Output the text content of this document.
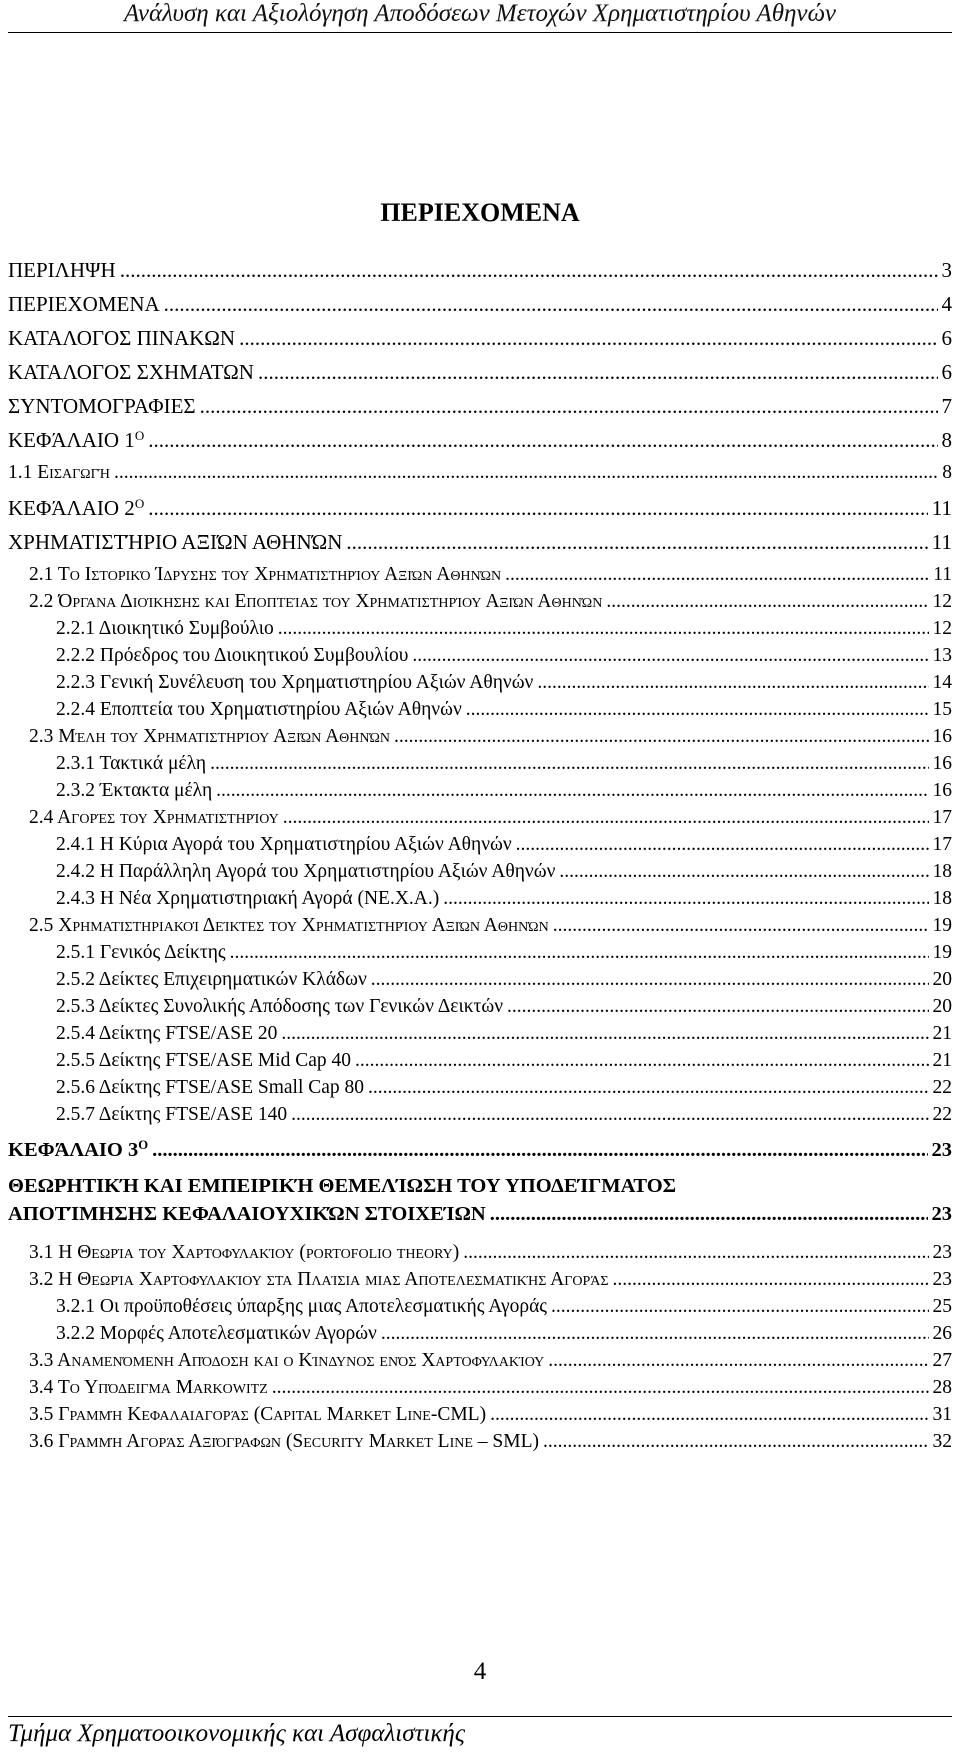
Ανάλυση και Αξιολόγηση Αποδόσεων Μετοχών Χρηματιστηρίου Αθηνών
ΠΕΡΙΕΧΟΜΕΝΑ
ΠΕΡΙΛΗΨΗ .....	3
ΠΕΡΙΕΧΟΜΕΝΑ .....	4
ΚΑΤΑΛΟΓΟΣ ΠΙΝΑΚΩΝ .....	6
ΚΑΤΑΛΟΓΟΣ ΣΧΗΜΑΤΩΝ .....	6
ΣΥΝΤΟΜΟΓΡΑΦΙΕΣ .....	7
ΚΕΦΆΛΑΙΟ $1^O$ .....	8
1.1 Εισαγωγή .....	8
ΚΕΦΆΛΑΙΟ $2^O$ .....	11
ΧΡΗΜΑΤΙΣΤΉΡΙΟ ΑΞΙΏΝ ΑΘΗΝΏΝ .....	11
2.1 Το Ιστορικό Ίδρυσης του Χρηματιστηρίου Αξιών Αθηνών .....	11
2.2 Όργανα Διοίκησης και Εποπτείας του Χρηματιστηρίου Αξιών Αθηνών .....	12
2.2.1 Διοικητικό Συμβούλιο .....	12
2.2.2 Πρόεδρος του Διοικητικού Συμβουλίου .....	13
2.2.3 Γενική Συνέλευση του Χρηματιστηρίου Αξιών Αθηνών .....	14
2.2.4 Εποπτεία του Χρηματιστηρίου Αξιών Αθηνών .....	15
2.3 Μέλη του Χρηματιστηρίου Αξιών Αθηνών .....	16
2.3.1 Τακτικά μέλη .....	16
2.3.2 Έκτακτα μέλη .....	16
2.4 Αγορές του Χρηματιστηρίου .....	17
2.4.1 Η Κύρια Αγορά του Χρηματιστηρίου Αξιών Αθηνών .....	17
2.4.2 Η Παράλληλη Αγορά του Χρηματιστηρίου Αξιών Αθηνών .....	18
2.4.3 Η Νέα Χρηματιστηριακή Αγορά (ΝΕ.Χ.Α.) .....	18
2.5 Χρηματιστηριακοί Δείκτες του Χρηματιστηρίου Αξιών Αθηνών .....	19
2.5.1 Γενικός Δείκτης .....	19
2.5.2 Δείκτες Επιχειρηματικών Κλάδων .....	20
2.5.3 Δείκτες Συνολικής Απόδοσης των Γενικών Δεικτών .....	20
2.5.4 Δείκτης FTSE/ASE 20 .....	21
2.5.5 Δείκτης FTSE/ASE Mid Cap 40 .....	21
2.5.6 Δείκτης FTSE/ASE Small Cap 80 .....	22
2.5.7 Δείκτης FTSE/ASE 140 .....	22
ΚΕΦΆΛΑΙΟ $3^O$ .....	23
ΘΕΩΡΗΤΙΚΉ ΚΑΙ ΕΜΠΕΙΡΙΚΉ ΘΕΜΕΛΊΩΣΗ ΤΟΥ ΥΠΟΔΕΊΓΜΑΤΟΣ
ΑΠΟΤΊΜΗΣΗΣ ΚΕΦΑΛΑΙΟΥΧΙΚΏΝ ΣΤΟΙΧΕΊΩΝ .....	23
3.1 Η Θεωρία του Χαρτοφυλακίου (portofolio theory) .....	23
3.2 Η Θεωρία Χαρτοφυλακίου στα Πλαίσια μιας Αποτελεσματικής Αγοράς .....	23
3.2.1 Οι προϋποθέσεις ύπαρξης μιας Αποτελεσματικής Αγοράς .....	25
3.2.2 Μορφές Αποτελεσματικών Αγορών .....	26
3.3 Αναμενόμενη Απόδοση και ο Κίνδυνος ενός Χαρτοφυλακίου .....	27
3.4 Το Υπόδειγμα Markowitz .....	28
3.5 Γραμμή Κεφαλαιαγοράς (Capital Market Line-CML) .....	31
3.6 Γραμμή Αγοράς Αξιόγραφων (Security Market Line – SML) .....	32
4
Τμήμα Χρηματοοικονομικής και Ασφαλιστικής
